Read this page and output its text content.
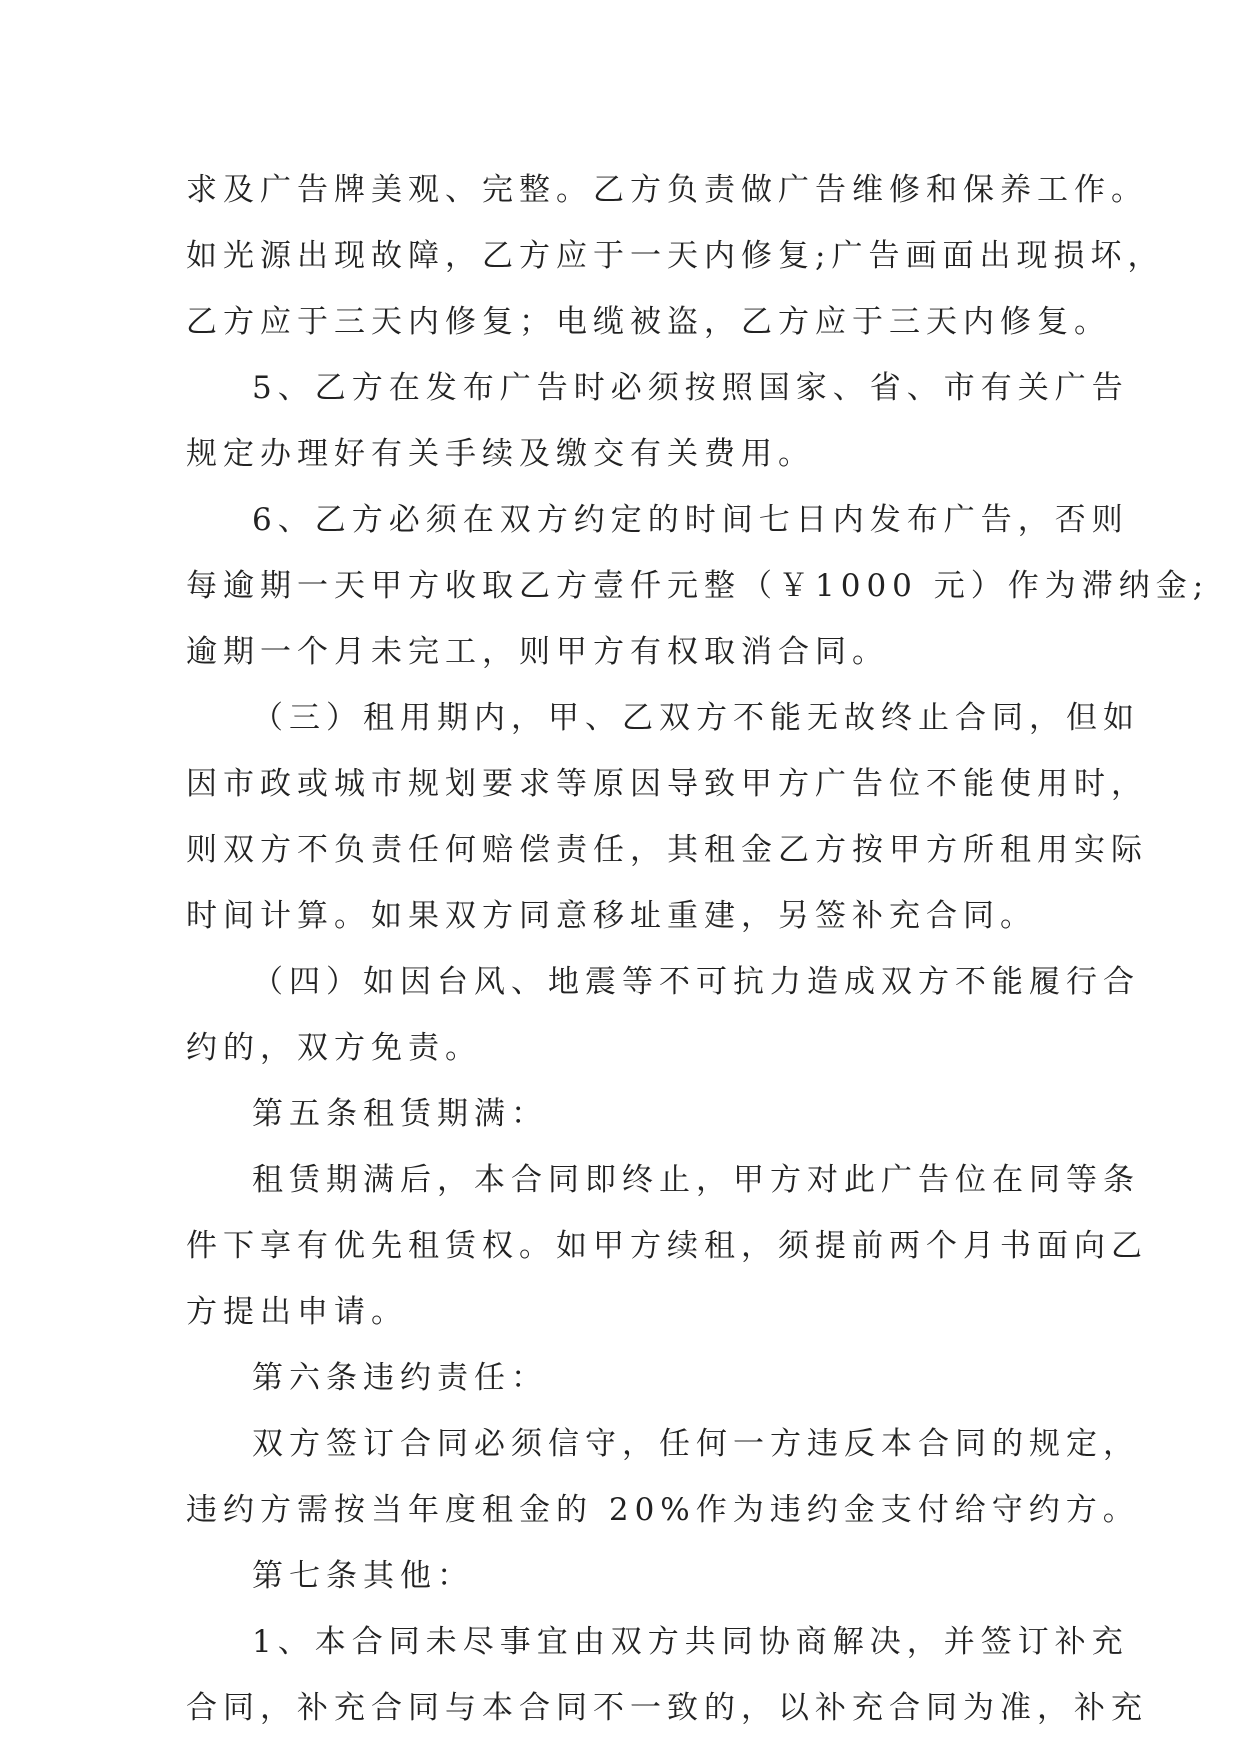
求及广告牌美观、完整。乙方负责做广告维修和保养工作。
如光源出现故障，乙方应于一天内修复;广告画面出现损坏，
乙方应于三天内修复；电缆被盗，乙方应于三天内修复。
5、乙方在发布广告时必须按照国家、省、市有关广告
规定办理好有关手续及缴交有关费用。
6、乙方必须在双方约定的时间七日内发布广告，否则
每逾期一天甲方收取乙方壹仟元整（￥1000 元）作为滞纳金;
逾期一个月未完工，则甲方有权取消合同。
（三）租用期内，甲、乙双方不能无故终止合同，但如
因市政或城市规划要求等原因导致甲方广告位不能使用时，
则双方不负责任何赔偿责任，其租金乙方按甲方所租用实际
时间计算。如果双方同意移址重建，另签补充合同。
（四）如因台风、地震等不可抗力造成双方不能履行合
约的，双方免责。
第五条租赁期满：
租赁期满后，本合同即终止，甲方对此广告位在同等条
件下享有优先租赁权。如甲方续租，须提前两个月书面向乙
方提出申请。
第六条违约责任：
双方签订合同必须信守，任何一方违反本合同的规定，
违约方需按当年度租金的 20%作为违约金支付给守约方。
第七条其他：
1、本合同未尽事宜由双方共同协商解决，并签订补充
合同，补充合同与本合同不一致的，以补充合同为准，补充
